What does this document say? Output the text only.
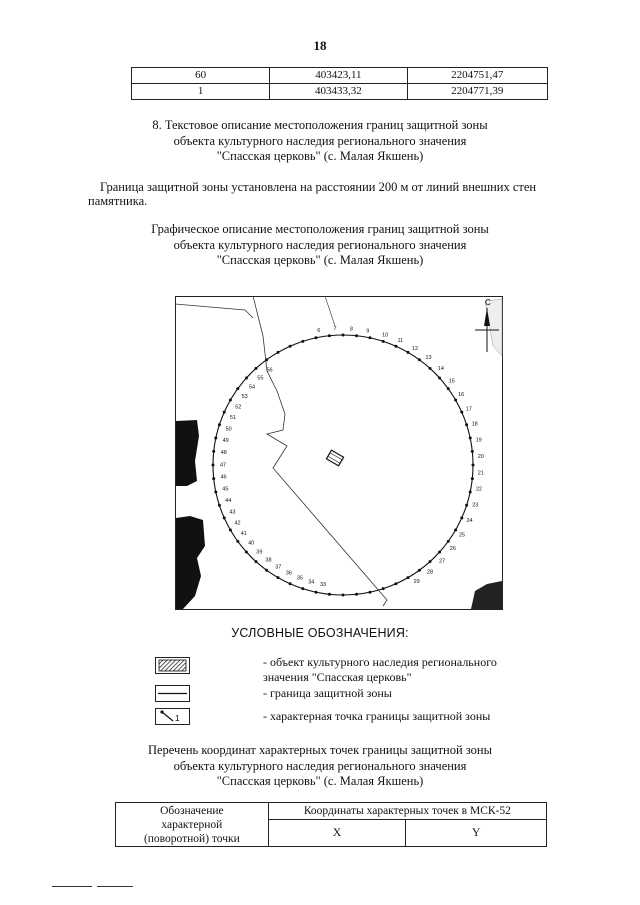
18
60	403423,11	2204751,47
1	403433,32	2204771,39
8. Текстовое описание местоположения границ защитной зоны
объекта культурного наследия регионального значения
"Спасская церковь" (с. Малая Якшень)
Граница защитной зоны установлена на расстоянии 200 м от линий внешних стен
памятника.
Графическое описание местоположения границ защитной зоны
объекта культурного наследия регионального значения
"Спасская церковь" (с. Малая Якшень)
С
6 7 8 9
10
11
12
13
14
15
16
17
18
19
20
21
22
23
24
25
26
27
28
29
33
34
35
36
37
38
39
40
41
42
43
44
45
46
47
48
49
50
51
52
53
54
55
56
УСЛОВНЫЕ ОБОЗНАЧЕНИЯ:
- объект культурного наследия регионального
значения "Спасская церковь"
- граница защитной зоны
1	- характерная точка границы защитной зоны
Перечень координат характерных точек границы защитной зоны
объекта культурного наследия регионального значения
"Спасская церковь" (с. Малая Якшень)
Обозначение
характерной
(поворотной) точки	Координаты характерных точек в МСК-52	
	X	Y
